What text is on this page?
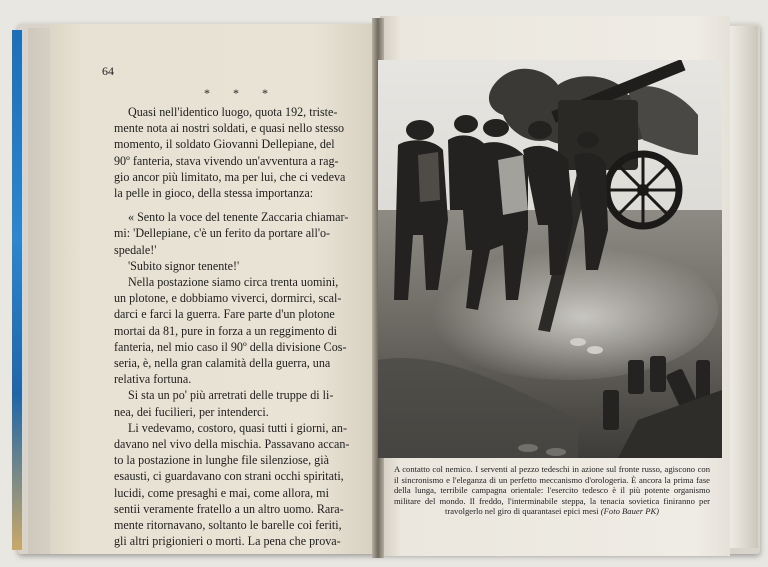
64
* * *

Quasi nell'identico luogo, quota 192, triste-

mente nota ai nostri soldati, e quasi nello stesso

momento, il soldato Giovanni Dellepiane, del

90º fanteria, stava vivendo un'avventura a rag-

gio ancor più limitato, ma per lui, che ci vedeva

la pelle in gioco, della stessa importanza:

« Sento la voce del tenente Zaccaria chiamar-

mi: 'Dellepiane, c'è un ferito da portare all'o-

spedale!'

'Subito signor tenente!'

Nella postazione siamo circa trenta uomini,

un plotone, e dobbiamo viverci, dormirci, scal-

darci e farci la guerra. Fare parte d'un plotone

mortai da 81, pure in forza a un reggimento di

fanteria, nel mio caso il 90º della divisione Cos-

seria, è, nella gran calamità della guerra, una

relativa fortuna.

Si sta un po' più arretrati delle truppe di li-

nea, dei fucilieri, per intenderci.

Li vedevamo, costoro, quasi tutti i giorni, an-

davano nel vivo della mischia. Passavano accan-

to la postazione in lunghe file silenziose, già

esausti, ci guardavano con strani occhi spiritati,

lucidi, come presaghi e mai, come allora, mi

sentii veramente fratello a un altro uomo. Rara-

mente ritornavano, soltanto le barelle coi feriti,

gli altri prigionieri o morti. La pena che prova-

A contatto col nemico. I serventi al pezzo tedeschi in azione sul fronte russo, agiscono con il sincronismo e l'eleganza di un perfetto meccanismo d'orologeria. È ancora la prima fase della lunga, terribile campagna orientale: l'esercito tedesco è il più potente organismo militare del mondo. Il freddo, l'interminabile steppa, la tenacia sovietica finiranno per travolgerlo nel giro di quarantasei epici mesi (Foto Bauer PK)
